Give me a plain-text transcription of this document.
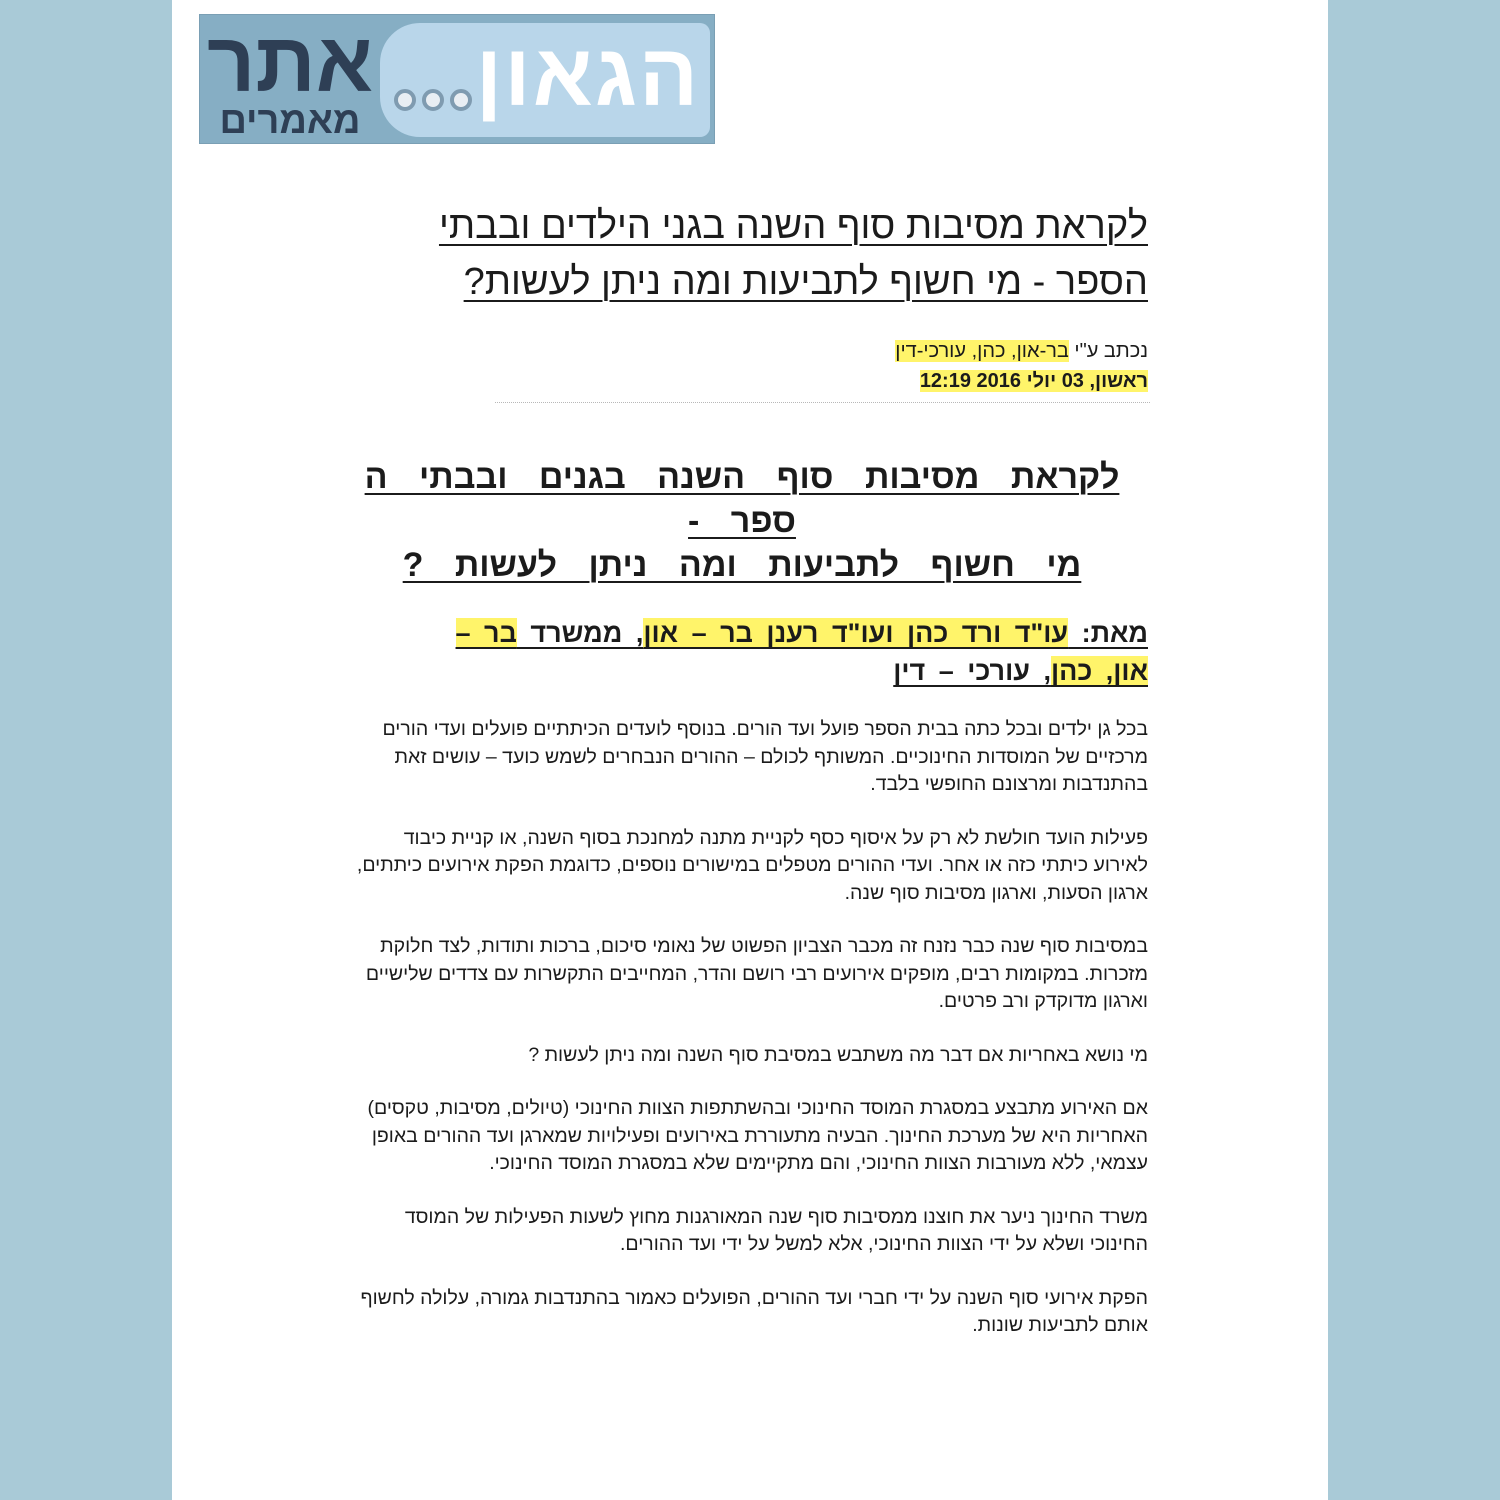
אתר
מאמרים הגאון
לקראת מסיבות סוף השנה בגני הילדים ובבתי
הספר - מי חשוף לתביעות ומה ניתן לעשות?
נכתב ע"י בר-און, כהן, עורכי-דין
ראשון, 03 יולי 2016 12:19
לקראת מסיבות סוף השנה בגנים ובבתי ה
ספר -
מי חשוף לתביעות ומה ניתן לעשות ?
מאת: עו"ד ורד כהן ועו"ד רענן בר – און, ממשרד בר –
און, כהן, עורכי – דין

בכל גן ילדים ובכל כתה בבית הספר פועל ועד הורים. בנוסף לועדים הכיתתיים פועלים ועדי הורים מרכזיים של המוסדות החינוכיים. המשותף לכולם – ההורים הנבחרים לשמש כועד – עושים זאת בהתנדבות ומרצונם החופשי בלבד.

פעילות הועד חולשת לא רק על איסוף כסף לקניית מתנה למחנכת בסוף השנה, או קניית כיבוד לאירוע כיתתי כזה או אחר. ועדי ההורים מטפלים במישורים נוספים, כדוגמת הפקת אירועים כיתתים, ארגון הסעות, וארגון מסיבות סוף שנה.

במסיבות סוף שנה כבר נזנח זה מכבר הצביון הפשוט של נאומי סיכום, ברכות ותודות, לצד חלוקת מזכרות. במקומות רבים, מופקים אירועים רבי רושם והדר, המחייבים התקשרות עם צדדים שלישיים וארגון מדוקדק ורב פרטים.

מי נושא באחריות אם דבר מה משתבש במסיבת סוף השנה ומה ניתן לעשות ?

אם האירוע מתבצע במסגרת המוסד החינוכי ובהשתתפות הצוות החינוכי (טיולים, מסיבות, טקסים) האחריות היא של מערכת החינוך. הבעיה מתעוררת באירועים ופעילויות שמארגן ועד ההורים באופן עצמאי, ללא מעורבות הצוות החינוכי, והם מתקיימים שלא במסגרת המוסד החינוכי.

משרד החינוך ניער את חוצנו ממסיבות סוף שנה המאורגנות מחוץ לשעות הפעילות של המוסד החינוכי ושלא על ידי הצוות החינוכי, אלא למשל על ידי ועד ההורים.

הפקת אירועי סוף השנה על ידי חברי ועד ההורים, הפועלים כאמור בהתנדבות גמורה, עלולה לחשוף אותם לתביעות שונות.
